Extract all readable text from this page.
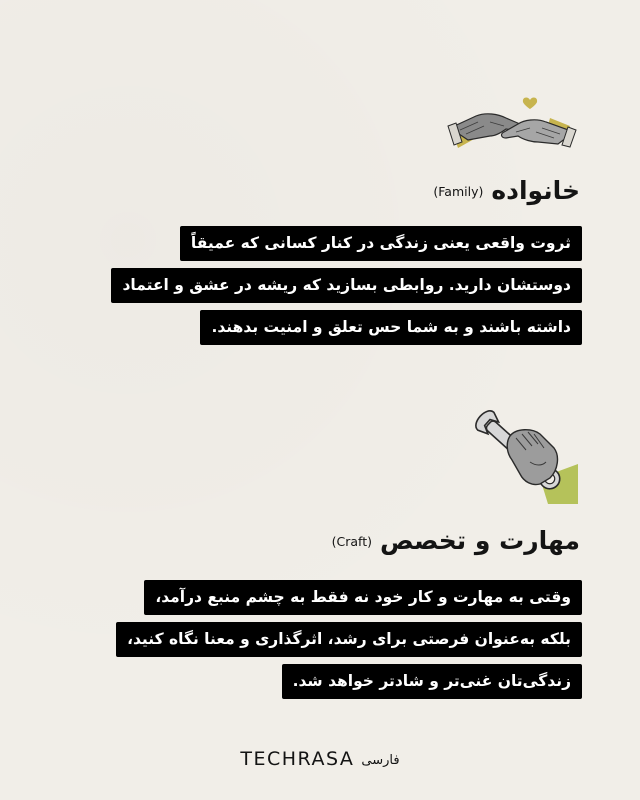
خانواده
(Family)
ثروت واقعی یعنی زندگی در کنار کسانی که عمیقاً
دوستشان دارید. روابطی بسازید که ریشه در عشق و اعتماد
داشته باشند و به شما حس تعلق و امنیت بدهند.
مهارت و تخصص
(Craft)
وقتی به مهارت و کار خود نه فقط به چشم منبع درآمد،
بلکه به‌عنوان فرصتی برای رشد، اثرگذاری و معنا نگاه کنید،
زندگی‌تان غنی‌تر و شادتر خواهد شد.
TECHRASA فارسی
